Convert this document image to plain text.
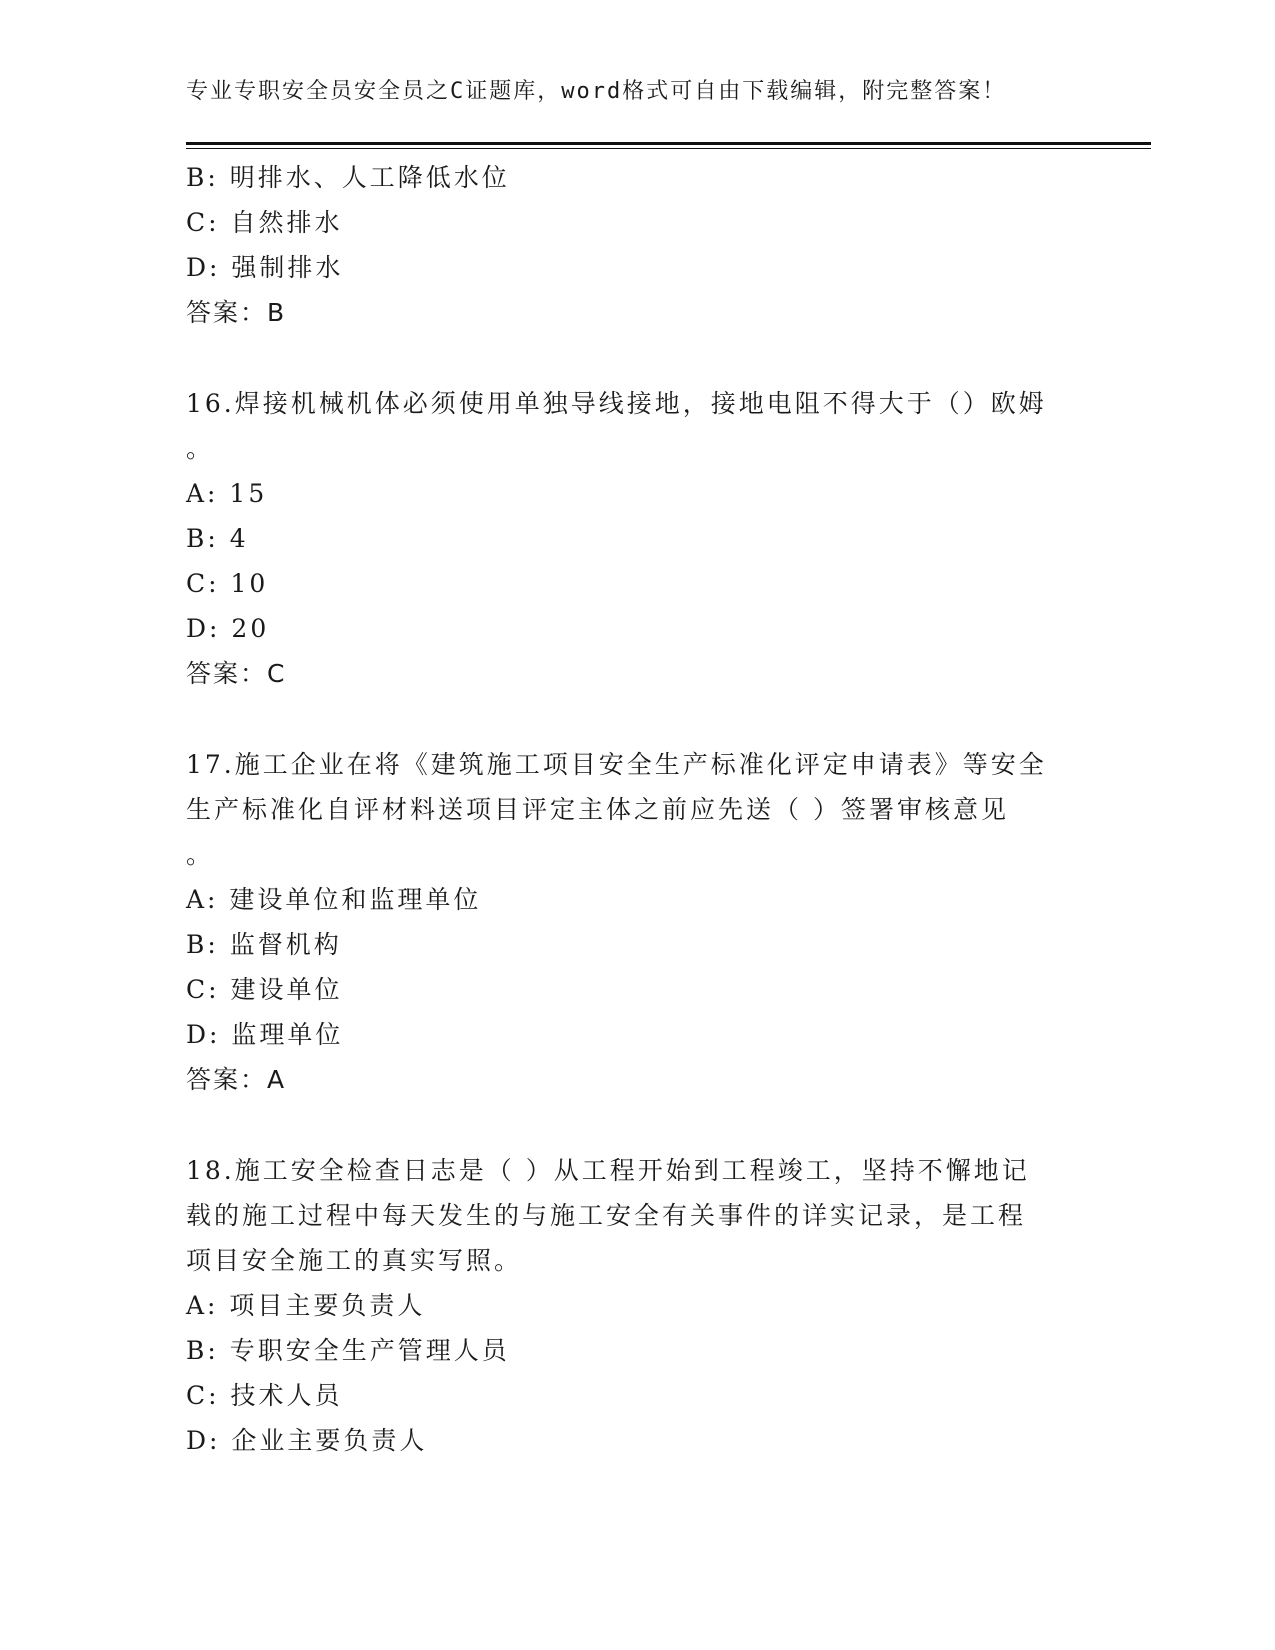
专业专职安全员安全员之C证题库，word格式可自由下载编辑，附完整答案！
B: 明排水、人工降低水位
C: 自然排水
D: 强制排水
答案：B
16.焊接机械机体必须使用单独导线接地，接地电阻不得大于（）欧姆
。
A: 15
B: 4
C: 10
D: 20
答案：C
17.施工企业在将《建筑施工项目安全生产标准化评定申请表》等安全
生产标准化自评材料送项目评定主体之前应先送（ ）签署审核意见
。
A: 建设单位和监理单位
B: 监督机构
C: 建设单位
D: 监理单位
答案：A
18.施工安全检查日志是（ ）从工程开始到工程竣工，坚持不懈地记
载的施工过程中每天发生的与施工安全有关事件的详实记录，是工程
项目安全施工的真实写照。
A: 项目主要负责人
B: 专职安全生产管理人员
C: 技术人员
D: 企业主要负责人
